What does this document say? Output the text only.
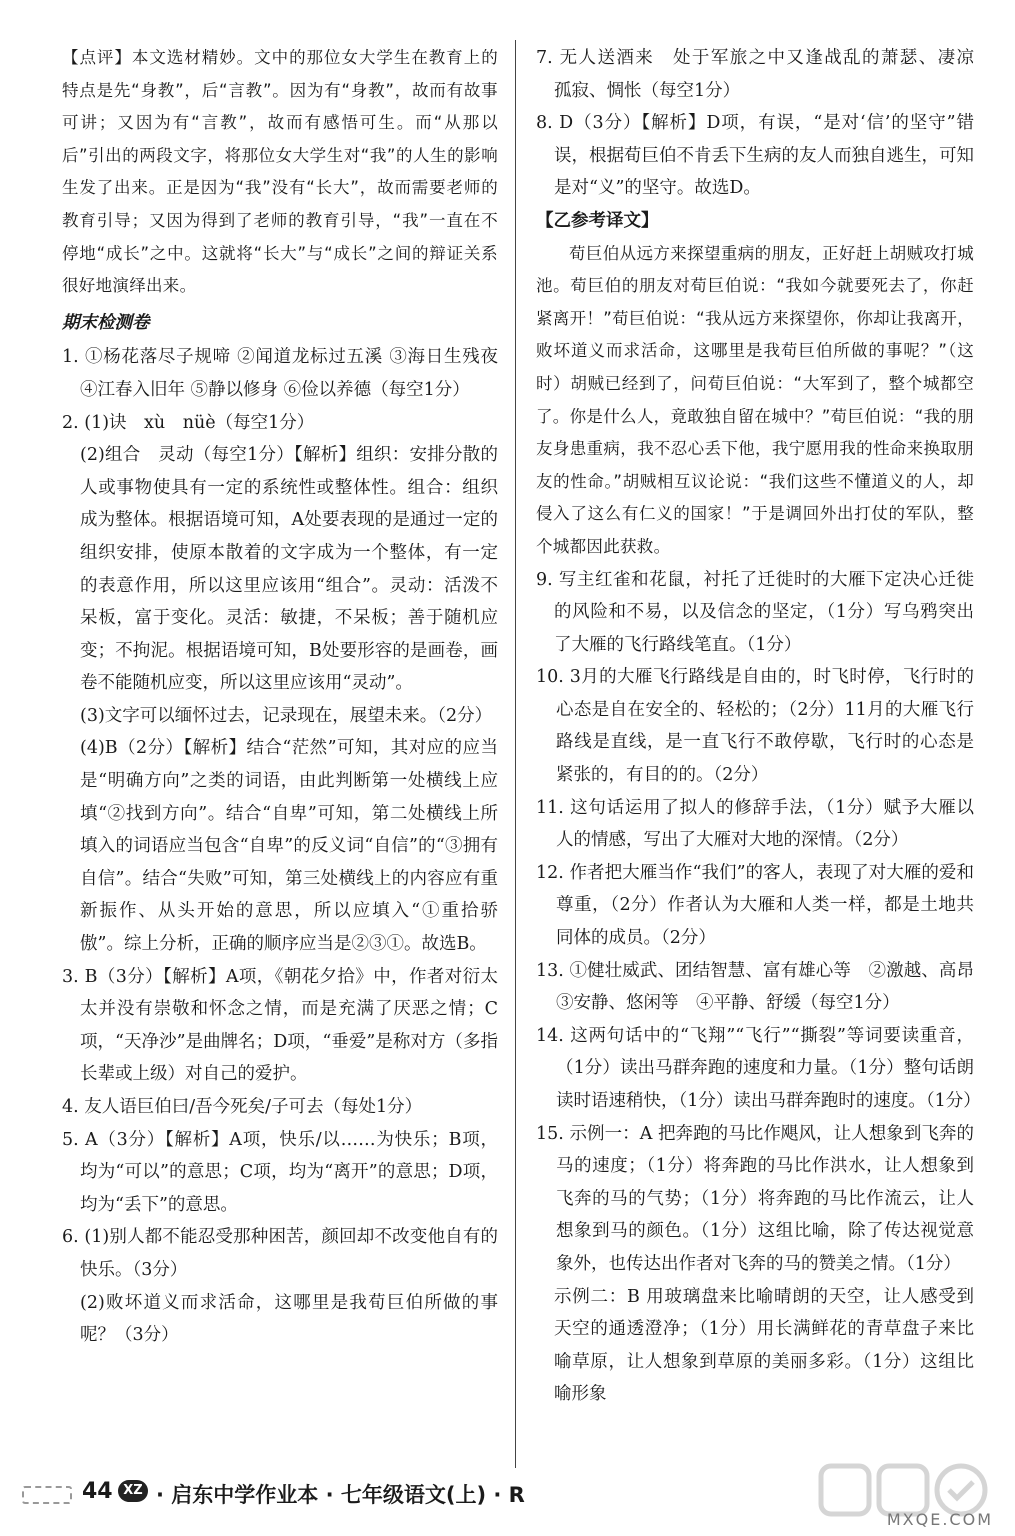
【点评】本文选材精妙。文中的那位女大学生在教育上的特点是先“身教”，后“言教”。因为有“身教”，故而有故事可讲；又因为有“言教”，故而有感悟可生。而“从那以后”引出的两段文字，将那位女大学生对“我”的人生的影响生发了出来。正是因为“我”没有“长大”，故而需要老师的教育引导；又因为得到了老师的教育引导，“我”一直在不停地“成长”之中。这就将“长大”与“成长”之间的辩证关系很好地演绎出来。

期末检测卷

1. ①杨花落尽子规啼 ②闻道龙标过五溪 ③海日生残夜 ④江春入旧年 ⑤静以修身 ⑥俭以养德（每空1分）

2. (1)诀　xù　nüè（每空1分）

(2)组合　灵动（每空1分）【解析】组织：安排分散的人或事物使具有一定的系统性或整体性。组合：组织成为整体。根据语境可知，A处要表现的是通过一定的组织安排，使原本散着的文字成为一个整体，有一定的表意作用，所以这里应该用“组合”。灵动：活泼不呆板，富于变化。灵活：敏捷，不呆板；善于随机应变；不拘泥。根据语境可知，B处要形容的是画卷，画卷不能随机应变，所以这里应该用“灵动”。

(3)文字可以缅怀过去，记录现在，展望未来。（2分）

(4)B（2分）【解析】结合“茫然”可知，其对应的应当是“明确方向”之类的词语，由此判断第一处横线上应填“②找到方向”。结合“自卑”可知，第二处横线上所填入的词语应当包含“自卑”的反义词“自信”的“③拥有自信”。结合“失败”可知，第三处横线上的内容应有重新振作、从头开始的意思，所以应填入“①重拾骄傲”。综上分析，正确的顺序应当是②③①。故选B。

3. B（3分）【解析】A项，《朝花夕拾》中，作者对衍太太并没有崇敬和怀念之情，而是充满了厌恶之情；C项，“天净沙”是曲牌名；D项，“垂爱”是称对方（多指长辈或上级）对自己的爱护。

4. 友人语巨伯曰/吾今死矣/子可去（每处1分）

5. A（3分）【解析】A项，快乐/以……为快乐；B项，均为“可以”的意思；C项，均为“离开”的意思；D项，均为“丢下”的意思。

6. (1)别人都不能忍受那种困苦，颜回却不改变他自有的快乐。（3分）

(2)败坏道义而求活命，这哪里是我荀巨伯所做的事呢？（3分）

7. 无人送酒来　处于军旅之中又逢战乱的萧瑟、凄凉　孤寂、惆怅（每空1分）

8. D（3分）【解析】D项，有误，“是对‘信’的坚守”错误，根据荀巨伯不肯丢下生病的友人而独自逃生，可知是对“义”的坚守。故选D。

【乙参考译文】

荀巨伯从远方来探望重病的朋友，正好赶上胡贼攻打城池。荀巨伯的朋友对荀巨伯说：“我如今就要死去了，你赶紧离开！”荀巨伯说：“我从远方来探望你，你却让我离开，败坏道义而求活命，这哪里是我荀巨伯所做的事呢？”（这时）胡贼已经到了，问荀巨伯说：“大军到了，整个城都空了。你是什么人，竟敢独自留在城中？”荀巨伯说：“我的朋友身患重病，我不忍心丢下他，我宁愿用我的性命来换取朋友的性命。”胡贼相互议论说：“我们这些不懂道义的人，却侵入了这么有仁义的国家！”于是调回外出打仗的军队，整个城都因此获救。

9. 写主红雀和花鼠，衬托了迁徙时的大雁下定决心迁徙的风险和不易，以及信念的坚定，（1分）写乌鸦突出了大雁的飞行路线笔直。（1分）

10. 3月的大雁飞行路线是自由的，时飞时停，飞行时的心态是自在安全的、轻松的；（2分）11月的大雁飞行路线是直线，是一直飞行不敢停歇，飞行时的心态是紧张的，有目的的。（2分）

11. 这句话运用了拟人的修辞手法，（1分）赋予大雁以人的情感，写出了大雁对大地的深情。（2分）

12. 作者把大雁当作“我们”的客人，表现了对大雁的爱和尊重，（2分）作者认为大雁和人类一样，都是土地共同体的成员。（2分）

13. ①健壮威武、团结智慧、富有雄心等　②激越、高昂　③安静、悠闲等　④平静、舒缓（每空1分）

14. 这两句话中的“飞翔”“飞行”“撕裂”等词要读重音，（1分）读出马群奔跑的速度和力量。（1分）整句话朗读时语速稍快，（1分）读出马群奔跑时的速度。（1分）

15. 示例一：A 把奔跑的马比作飓风，让人想象到飞奔的马的速度；（1分）将奔跑的马比作洪水，让人想象到飞奔的马的气势；（1分）将奔跑的马比作流云，让人想象到马的颜色。（1分）这组比喻，除了传达视觉意象外，也传达出作者对飞奔的马的赞美之情。（1分）

示例二：B 用玻璃盘来比喻晴朗的天空，让人感受到天空的通透澄净；（1分）用长满鲜花的青草盘子来比喻草原，让人想象到草原的美丽多彩。（1分）这组比喻形象

44 XZ · 启东中学作业本 · 七年级语文(上) · R
MXQE.COM
